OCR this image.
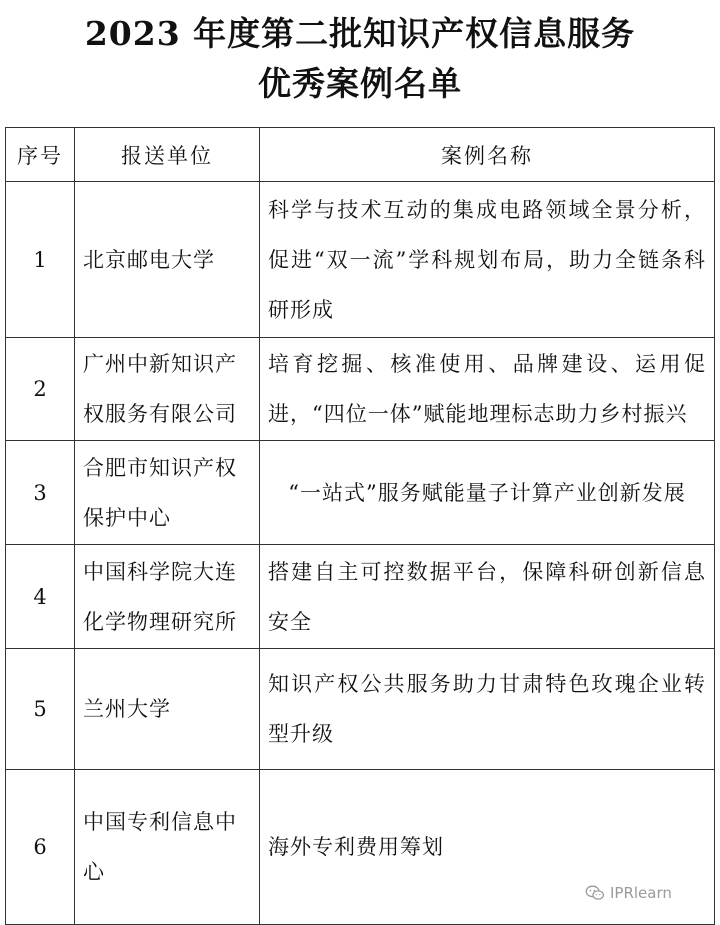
2023 年度第二批知识产权信息服务
优秀案例名单
序号	报送单位	案例名称
1	北京邮电大学	科学与技术互动的集成电路领域全景分析，促进“双一流”学科规划布局，助力全链条科研形成
2	广州中新知识产权服务有限公司	培育挖掘、核准使用、品牌建设、运用促进，“四位一体”赋能地理标志助力乡村振兴
3	合肥市知识产权保护中心	“一站式”服务赋能量子计算产业创新发展
4	中国科学院大连化学物理研究所	搭建自主可控数据平台，保障科研创新信息安全
5	兰州大学	知识产权公共服务助力甘肃特色玫瑰企业转型升级
6	中国专利信息中心	海外专利费用筹划
IPRlearn
